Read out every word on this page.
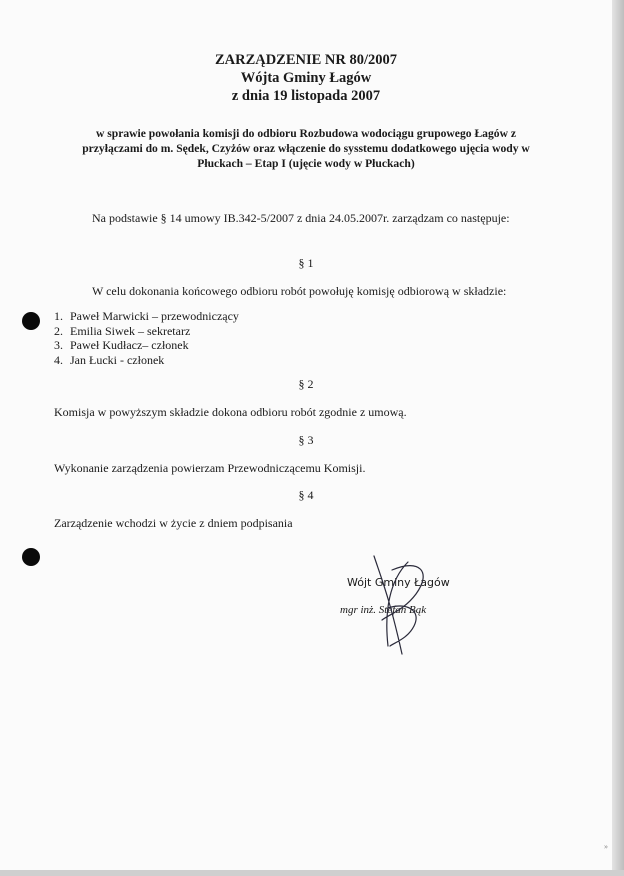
ZARZĄDZENIE NR 80/2007
Wójta Gminy Łagów
z dnia 19 listopada 2007
w sprawie powołania komisji do odbioru Rozbudowa wodociągu grupowego Łagów z przyłączami do m. Sędek, Czyżów oraz włączenie do sysstemu dodatkowego ujęcia wody w Płuckach – Etap I (ujęcie wody w Płuckach)
Na podstawie § 14 umowy IB.342-5/2007 z dnia 24.05.2007r. zarządzam co następuje:
§ 1
W celu dokonania końcowego odbioru robót powołuję komisję odbiorową w składzie:
1. Paweł Marwicki – przewodniczący
2. Emilia Siwek – sekretarz
3. Paweł Kudłacz– członek
4. Jan Łucki - członek
§ 2
Komisja w powyższym składzie dokona odbioru robót zgodnie z umową.
§ 3
Wykonanie zarządzenia powierzam Przewodniczącemu Komisji.
§ 4
Zarządzenie wchodzi w życie z dniem podpisania
Wójt Gminy Łagów
mgr inż. Stefan Bąk
»
